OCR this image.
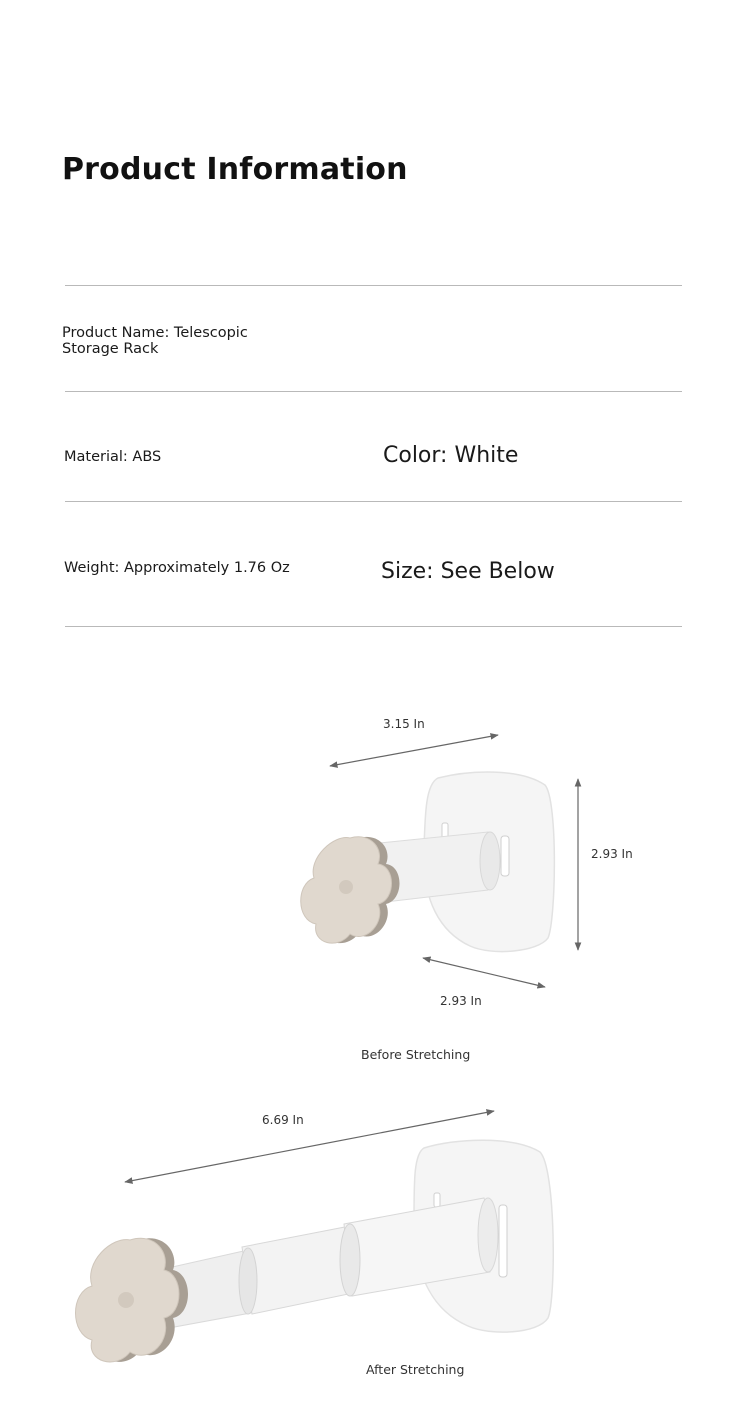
Product Information
Product Name: Telescopic Storage Rack
Material: ABS	Color: White
Weight: Approximately 1.76 Oz	Size: See Below
3.15 In
2.93 In
2.93 In
Before Stretching
6.69 In
After Stretching
